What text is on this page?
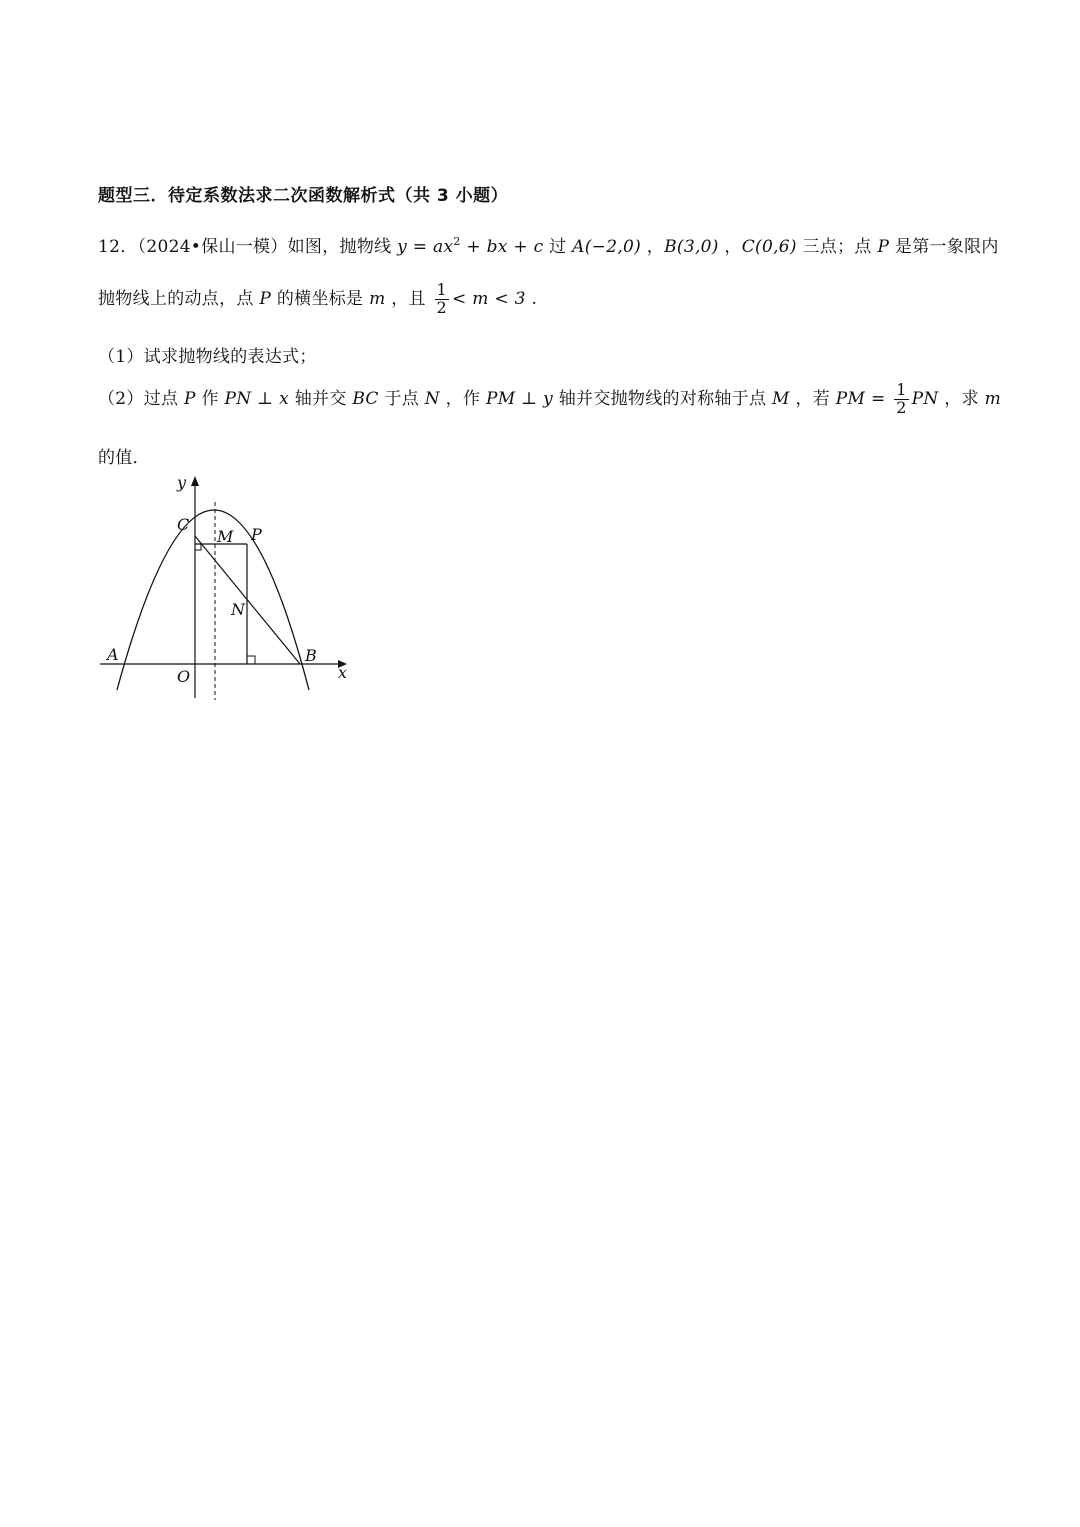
题型三．待定系数法求二次函数解析式（共 3 小题）
12．（2024•保山一模）如图，抛物线 $y = ax^2$ + bx + c 过 A(−2,0) ，B(3,0) ，C(0,6) 三点；点 P 是第一象限内
抛物线上的动点，点 P 的横坐标是 m ，且 $\frac{1}{2} < m < 3$ .
（1）试求抛物线的表达式；
（2）过点 P 作 PN ⊥ x 轴并交 BC 于点 N ，作 PM ⊥ y 轴并交抛物线的对称轴于点 M ，若 PM = $\frac{1}{2}$ PN ，求 m
的值．
y
C
M P
N
A
O
B
x
